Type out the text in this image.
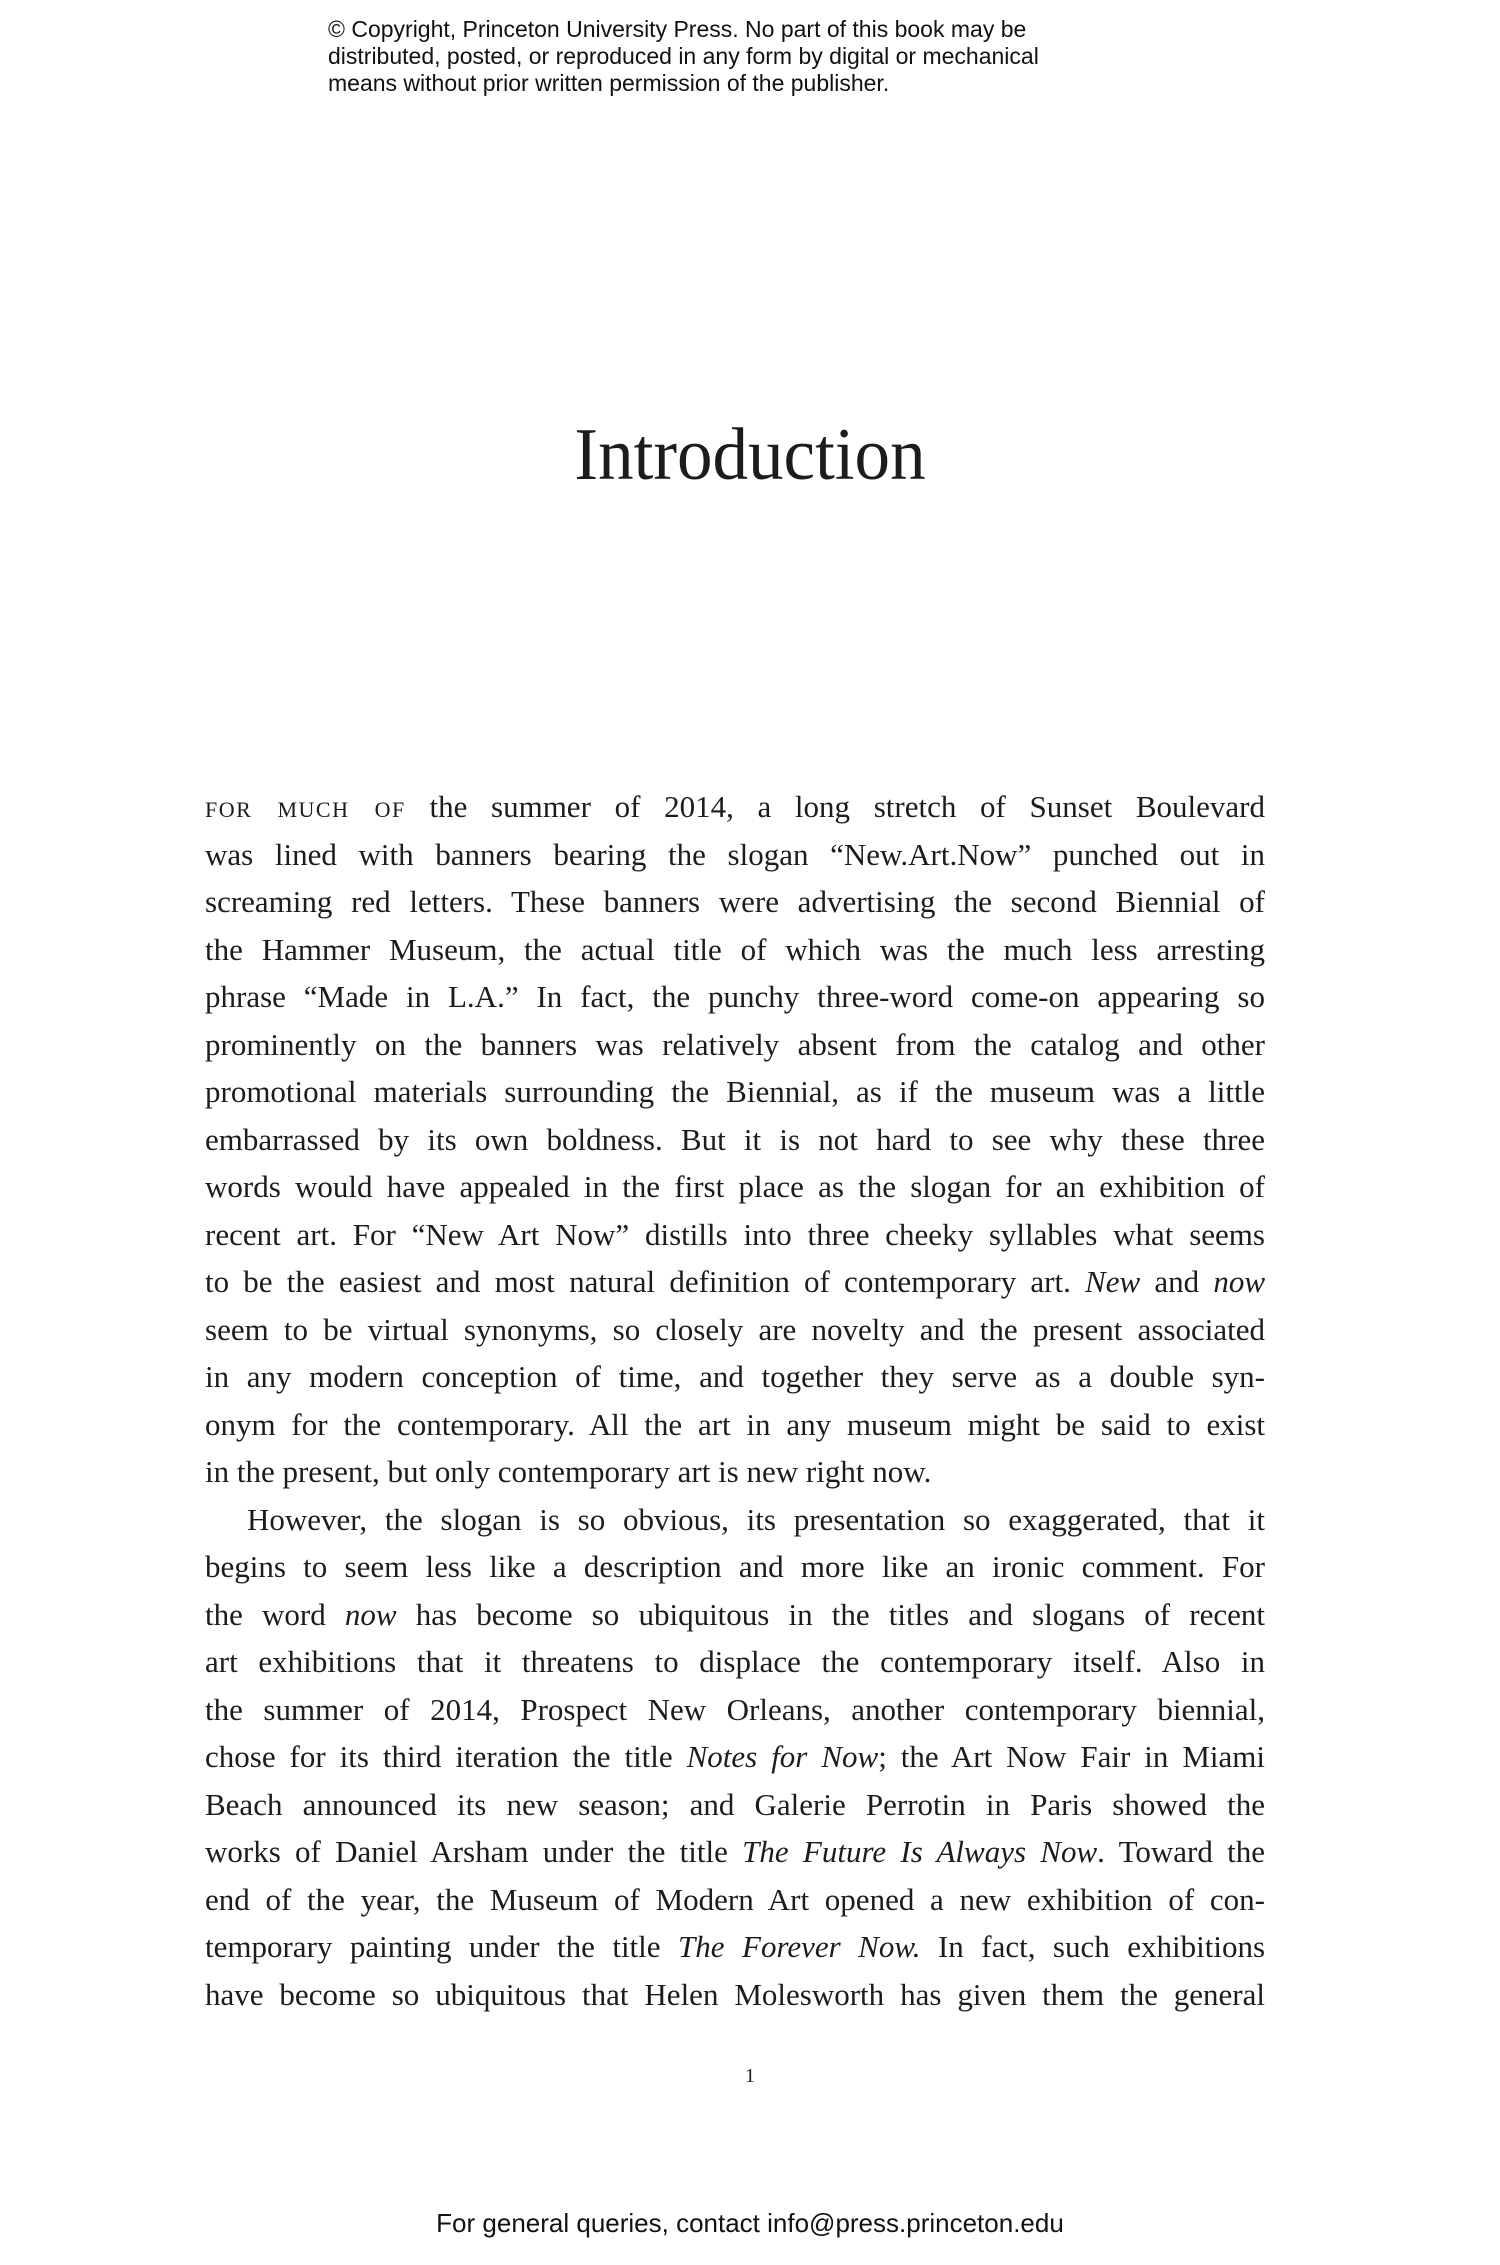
© Copyright, Princeton University Press. No part of this book may be
distributed, posted, or reproduced in any form by digital or mechanical
means without prior written permission of the publisher.
Introduction
for much of the summer of 2014, a long stretch of Sunset Boulevard
was lined with banners bearing the slogan “New.Art.Now” punched out in
screaming red letters. These banners were advertising the second Biennial of
the Hammer Museum, the actual title of which was the much less arresting
phrase “Made in L.A.” In fact, the punchy three-word come-on appearing so
prominently on the banners was relatively absent from the catalog and other
promotional materials surrounding the Biennial, as if the museum was a little
embarrassed by its own boldness. But it is not hard to see why these three
words would have appealed in the first place as the slogan for an exhibition of
recent art. For “New Art Now” distills into three cheeky syllables what seems
to be the easiest and most natural definition of contemporary art. New and now
seem to be virtual synonyms, so closely are novelty and the present associated
in any modern conception of time, and together they serve as a double syn-
onym for the contemporary. All the art in any museum might be said to exist
in the present, but only contemporary art is new right now.
However, the slogan is so obvious, its presentation so exaggerated, that it
begins to seem less like a description and more like an ironic comment. For
the word now has become so ubiquitous in the titles and slogans of recent
art exhibitions that it threatens to displace the contemporary itself. Also in
the summer of 2014, Prospect New Orleans, another contemporary biennial,
chose for its third iteration the title Notes for Now; the Art Now Fair in Miami
Beach announced its new season; and Galerie Perrotin in Paris showed the
works of Daniel Arsham under the title The Future Is Always Now. Toward the
end of the year, the Museum of Modern Art opened a new exhibition of con-
temporary painting under the title The Forever Now. In fact, such exhibitions
have become so ubiquitous that Helen Molesworth has given them the general
1
For general queries, contact info@press.princeton.edu
